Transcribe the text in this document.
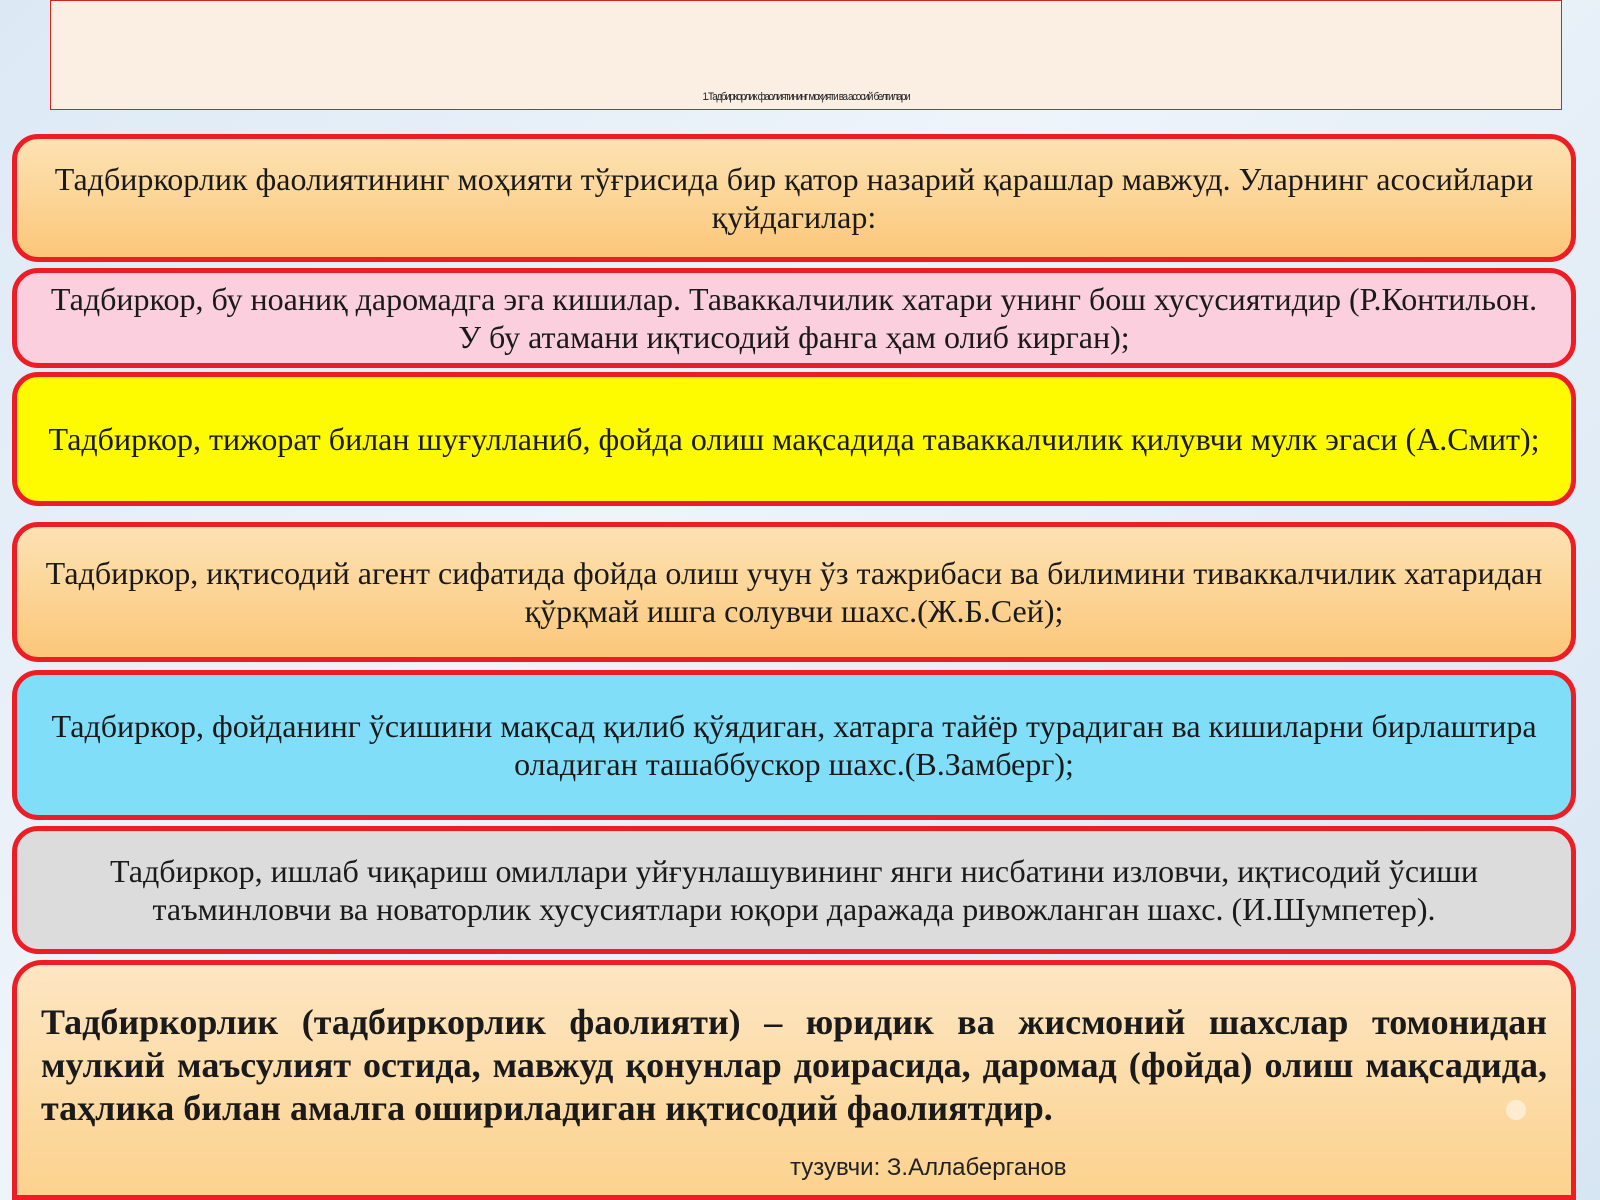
1.Тадбиркорлик фаолиятининг моҳияти ва асосий белгилари
Тадбиркорлик фаолиятининг моҳияти тўғрисида бир қатор назарий қарашлар мавжуд. Уларнинг асосийлари қуйдагилар:
Тадбиркор, бу ноаниқ даромадга эга кишилар. Таваккалчилик хатари унинг бош хусусиятидир (Р.Контильон. У бу атамани иқтисодий фанга ҳам олиб кирган);
Тадбиркор, тижорат билан шуғулланиб, фойда олиш мақсадида таваккалчилик қилувчи мулк эгаси (А.Смит);
Тадбиркор, иқтисодий агент сифатида фойда олиш учун ўз тажрибаси ва билимини тиваккалчилик хатаридан қўрқмай ишга солувчи шахс.(Ж.Б.Сей);
Тадбиркор, фойданинг ўсишини мақсад қилиб қўядиган, хатарга тайёр турадиган ва кишиларни бирлаштира оладиган ташаббускор шахс.(В.Замберг);
Тадбиркор, ишлаб чиқариш омиллари уйғунлашувининг янги нисбатини изловчи, иқтисодий ўсиши таъминловчи ва новаторлик хусусиятлари юқори даражада ривожланган шахс. (И.Шумпетер).
Тадбиркорлик (тадбиркорлик фаолияти) – юридик ва жисмоний шахслар томонидан мулкий маъсулият остида, мавжуд қонунлар доирасида, даромад (фойда) олиш мақсадида, таҳлика билан амалга ошириладиган иқтисодий фаолиятдир.
тузувчи: З.Аллаберганов
